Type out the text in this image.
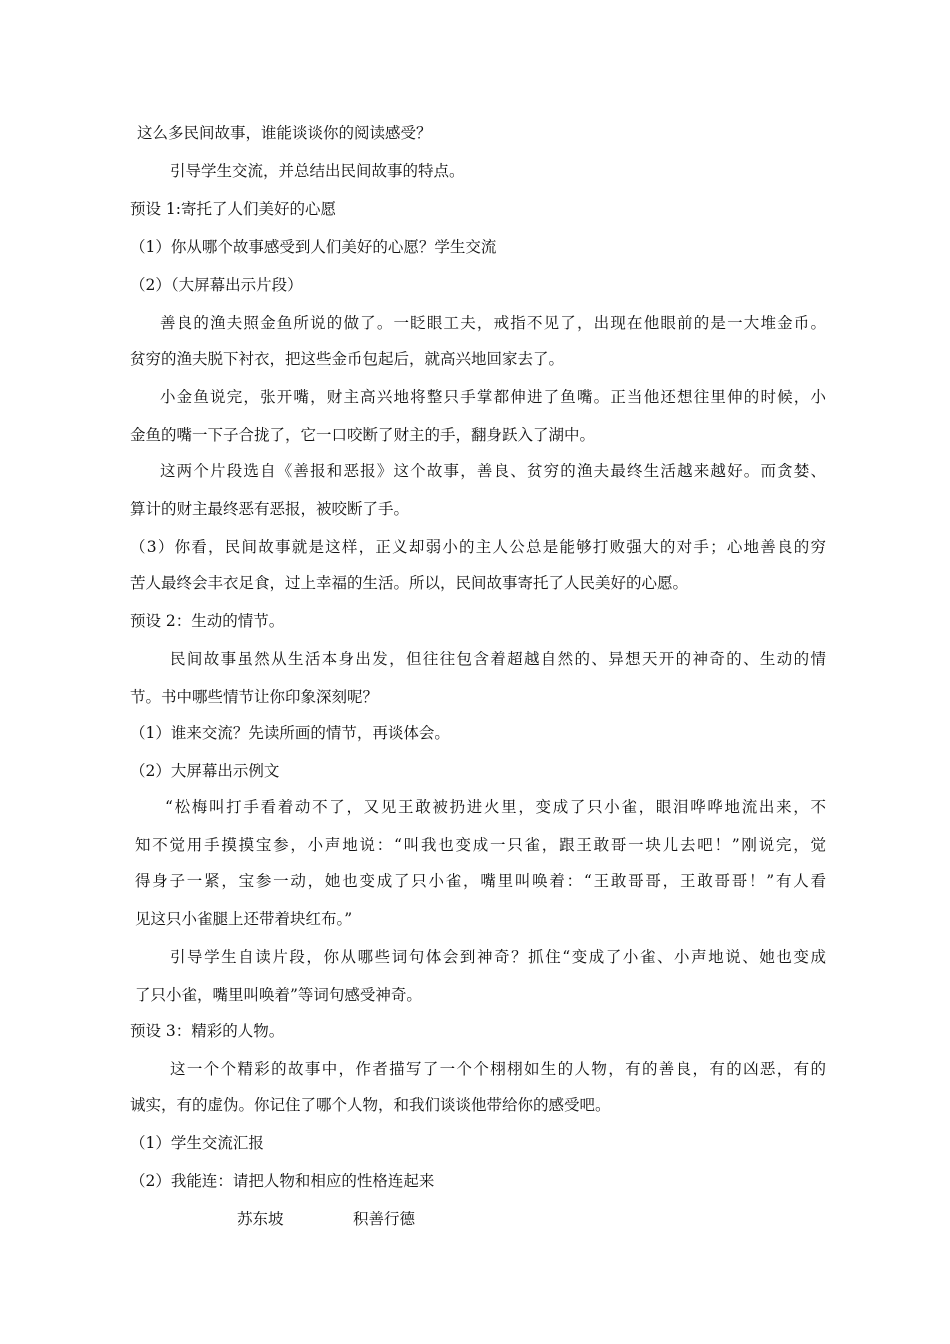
这么多民间故事，谁能谈谈你的阅读感受？
引导学生交流，并总结出民间故事的特点。
预设 1:寄托了人们美好的心愿
（1）你从哪个故事感受到人们美好的心愿？学生交流
（2）（大屏幕出示片段）
善良的渔夫照金鱼所说的做了。一眨眼工夫，戒指不见了，出现在他眼前的是一大堆金币。
贫穷的渔夫脱下衬衣，把这些金币包起后，就高兴地回家去了。
小金鱼说完，张开嘴，财主高兴地将整只手掌都伸进了鱼嘴。正当他还想往里伸的时候，小
金鱼的嘴一下子合拢了，它一口咬断了财主的手，翻身跃入了湖中。
这两个片段选自《善报和恶报》这个故事，善良、贫穷的渔夫最终生活越来越好。而贪婪、
算计的财主最终恶有恶报，被咬断了手。
（3）你看，民间故事就是这样，正义却弱小的主人公总是能够打败强大的对手；心地善良的穷
苦人最终会丰衣足食，过上幸福的生活。所以，民间故事寄托了人民美好的心愿。
预设 2：生动的情节。
民间故事虽然从生活本身出发，但往往包含着超越自然的、异想天开的神奇的、生动的情
节。书中哪些情节让你印象深刻呢？
（1）谁来交流？先读所画的情节，再谈体会。
（2）大屏幕出示例文
“松梅叫打手看着动不了，又见王敢被扔进火里，变成了只小雀，眼泪哗哗地流出来，不
知不觉用手摸摸宝参，小声地说：“叫我也变成一只雀，跟王敢哥一块儿去吧！”刚说完，觉
得身子一紧，宝参一动，她也变成了只小雀，嘴里叫唤着：“王敢哥哥，王敢哥哥！”有人看
见这只小雀腿上还带着块红布。”
引导学生自读片段，你从哪些词句体会到神奇？抓住“变成了小雀、小声地说、她也变成
了只小雀，嘴里叫唤着”等词句感受神奇。
预设 3：精彩的人物。
这一个个精彩的故事中，作者描写了一个个栩栩如生的人物，有的善良，有的凶恶，有的
诚实，有的虚伪。你记住了哪个人物，和我们谈谈他带给你的感受吧。
（1）学生交流汇报
（2）我能连：请把人物和相应的性格连起来
苏东坡	积善行德
